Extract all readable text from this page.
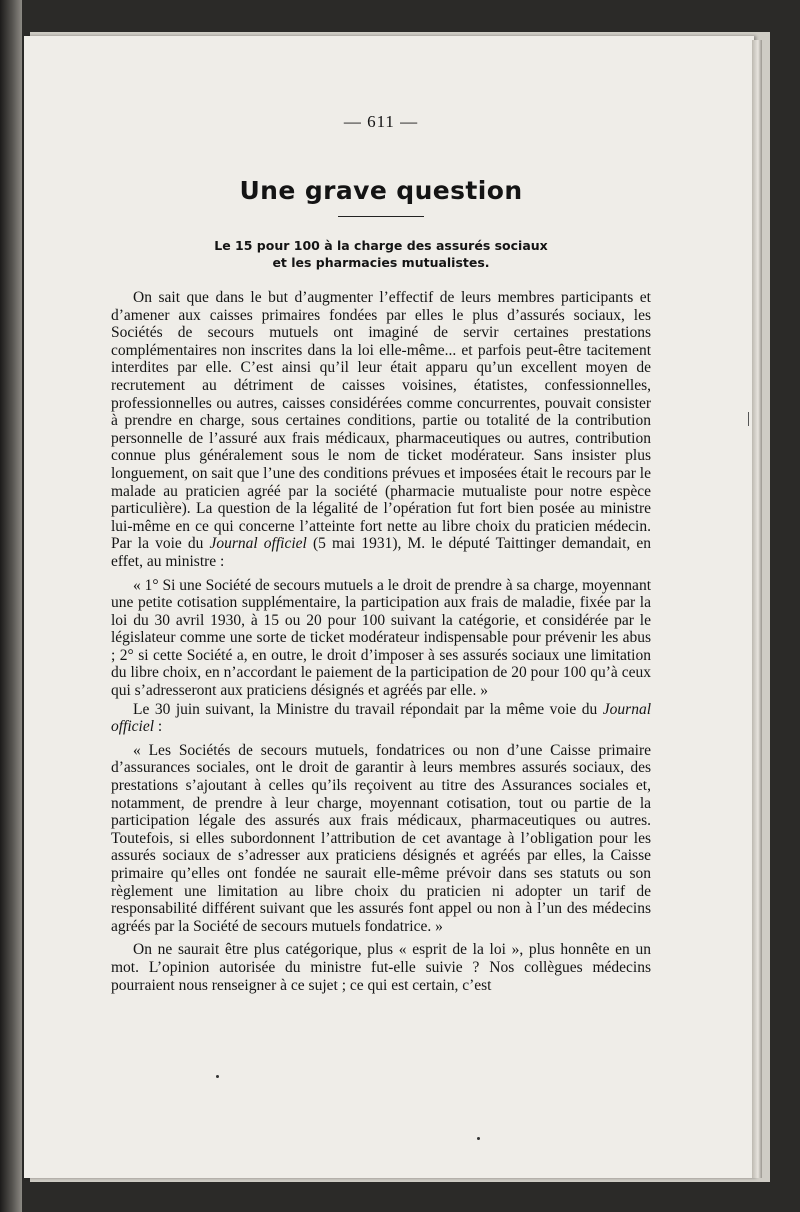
— 611 —
Une grave question
Le 15 pour 100 à la charge des assurés sociaux
et les pharmacies mutualistes.

On sait que dans le but d’augmenter l’effectif de leurs membres participants et d’amener aux caisses primaires fondées par elles le plus d’assurés sociaux, les Sociétés de secours mutuels ont imaginé de servir certaines prestations complémentaires non inscrites dans la loi elle-même... et parfois peut-être tacitement interdites par elle. C’est ainsi qu’il leur était apparu qu’un excellent moyen de recrutement au détriment de caisses voisines, étatistes, confessionnelles, professionnelles ou autres, caisses considérées comme concurrentes, pouvait consister à prendre en charge, sous certaines conditions, partie ou totalité de la contribution personnelle de l’assuré aux frais médicaux, pharmaceutiques ou autres, contribution connue plus généralement sous le nom de ticket modérateur. Sans insister plus longuement, on sait que l’une des conditions prévues et imposées était le recours par le malade au praticien agréé par la société (pharmacie mutualiste pour notre espèce particulière). La question de la légalité de l’opération fut fort bien posée au ministre lui-même en ce qui concerne l’atteinte fort nette au libre choix du praticien médecin. Par la voie du Journal officiel (5 mai 1931), M. le député Taittinger demandait, en effet, au ministre :

« 1° Si une Société de secours mutuels a le droit de prendre à sa charge, moyennant une petite cotisation supplémentaire, la participation aux frais de maladie, fixée par la loi du 30 avril 1930, à 15 ou 20 pour 100 suivant la catégorie, et considérée par le législateur comme une sorte de ticket modérateur indispensable pour prévenir les abus ; 2° si cette Société a, en outre, le droit d’imposer à ses assurés sociaux une limitation du libre choix, en n’accordant le paiement de la participation de 20 pour 100 qu’à ceux qui s’adresseront aux praticiens désignés et agréés par elle. »

Le 30 juin suivant, la Ministre du travail répondait par la même voie du Journal officiel :

« Les Sociétés de secours mutuels, fondatrices ou non d’une Caisse primaire d’assurances sociales, ont le droit de garantir à leurs membres assurés sociaux, des prestations s’ajoutant à celles qu’ils reçoivent au titre des Assurances sociales et, notamment, de prendre à leur charge, moyennant cotisation, tout ou partie de la participation légale des assurés aux frais médicaux, pharmaceutiques ou autres. Toutefois, si elles subordonnent l’attribution de cet avantage à l’obligation pour les assurés sociaux de s’adresser aux praticiens désignés et agréés par elles, la Caisse primaire qu’elles ont fondée ne saurait elle-même prévoir dans ses statuts ou son règlement une limitation au libre choix du praticien ni adopter un tarif de responsabilité différent suivant que les assurés font appel ou non à l’un des médecins agréés par la Société de secours mutuels fondatrice. »

On ne saurait être plus catégorique, plus « esprit de la loi », plus honnête en un mot. L’opinion autorisée du ministre fut-elle suivie ? Nos collègues médecins pourraient nous renseigner à ce sujet ; ce qui est certain, c’est
